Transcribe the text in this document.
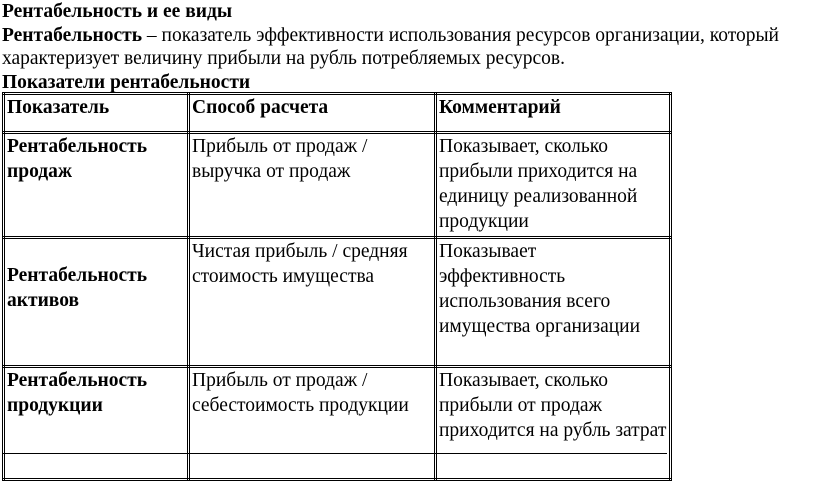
Рентабельность и ее виды

Рентабельность – показатель эффективности использования ресурсов организации, который характеризует величину прибыли на рубль потребляемых ресурсов.

Показатели рентабельности

Показатель	Способ расчета	Комментарий
Рентабельность продаж	Прибыль от продаж / выручка от продаж	Показывает, сколько прибыли приходится на единицу реализованной продукции
Рентабельность активов	Чистая прибыль / средняя стоимость имущества	Показывает эффективность использования всего имущества организации
Рентабельность продукции	Прибыль от продаж / себестоимость продукции	Показывает, сколько прибыли от продаж приходится на рубль затрат
